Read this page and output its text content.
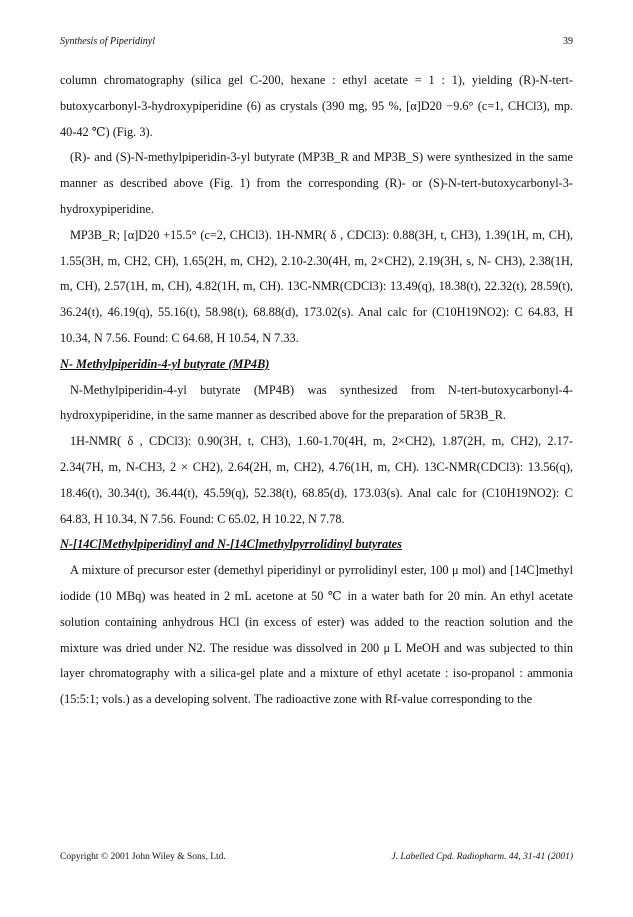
Synthesis of Piperidinyl	39

column chromatography (silica gel C-200, hexane : ethyl acetate = 1 : 1), yielding (R)-N-tert-butoxycarbonyl-3-hydroxypiperidine (6) as crystals (390 mg, 95 %, [α]D20 −9.6° (c=1, CHCl3), mp. 40-42 ℃) (Fig. 3).

(R)- and (S)-N-methylpiperidin-3-yl butyrate (MP3B_R and MP3B_S) were synthesized in the same manner as described above (Fig. 1) from the corresponding (R)- or (S)-N-tert-butoxycarbonyl-3-hydroxypiperidine.

MP3B_R; [α]D20 +15.5° (c=2, CHCl3). 1H-NMR( δ , CDCl3): 0.88(3H, t, CH3), 1.39(1H, m, CH), 1.55(3H, m, CH2, CH), 1.65(2H, m, CH2), 2.10-2.30(4H, m, 2×CH2), 2.19(3H, s, N- CH3), 2.38(1H, m, CH), 2.57(1H, m, CH), 4.82(1H, m, CH). 13C-NMR(CDCl3): 13.49(q), 18.38(t), 22.32(t), 28.59(t), 36.24(t), 46.19(q), 55.16(t), 58.98(t), 68.88(d), 173.02(s). Anal calc for (C10H19NO2): C 64.83, H 10.34, N 7.56. Found: C 64.68, H 10.54, N 7.33.

N- Methylpiperidin-4-yl butyrate (MP4B)

N-Methylpiperidin-4-yl butyrate (MP4B) was synthesized from N-tert-butoxycarbonyl-4-hydroxypiperidine, in the same manner as described above for the preparation of 5R3B_R.

1H-NMR( δ , CDCl3): 0.90(3H, t, CH3), 1.60-1.70(4H, m, 2×CH2), 1.87(2H, m, CH2), 2.17-2.34(7H, m, N-CH3, 2 × CH2), 2.64(2H, m, CH2), 4.76(1H, m, CH). 13C-NMR(CDCl3): 13.56(q), 18.46(t), 30.34(t), 36.44(t), 45.59(q), 52.38(t), 68.85(d), 173.03(s). Anal calc for (C10H19NO2): C 64.83, H 10.34, N 7.56. Found: C 65.02, H 10.22, N 7.78.

N-[14C]Methylpiperidinyl and N-[14C]methylpyrrolidinyl butyrates

A mixture of precursor ester (demethyl piperidinyl or pyrrolidinyl ester, 100 μ mol) and [14C]methyl iodide (10 MBq) was heated in 2 mL acetone at 50 ℃ in a water bath for 20 min. An ethyl acetate solution containing anhydrous HCl (in excess of ester) was added to the reaction solution and the mixture was dried under N2. The residue was dissolved in 200 μ L MeOH and was subjected to thin layer chromatography with a silica-gel plate and a mixture of ethyl acetate : iso-propanol : ammonia (15:5:1; vols.) as a developing solvent. The radioactive zone with Rf-value corresponding to the

Copyright © 2001 John Wiley & Sons, Ltd.	J. Labelled Cpd. Radiopharm. 44, 31-41 (2001)
